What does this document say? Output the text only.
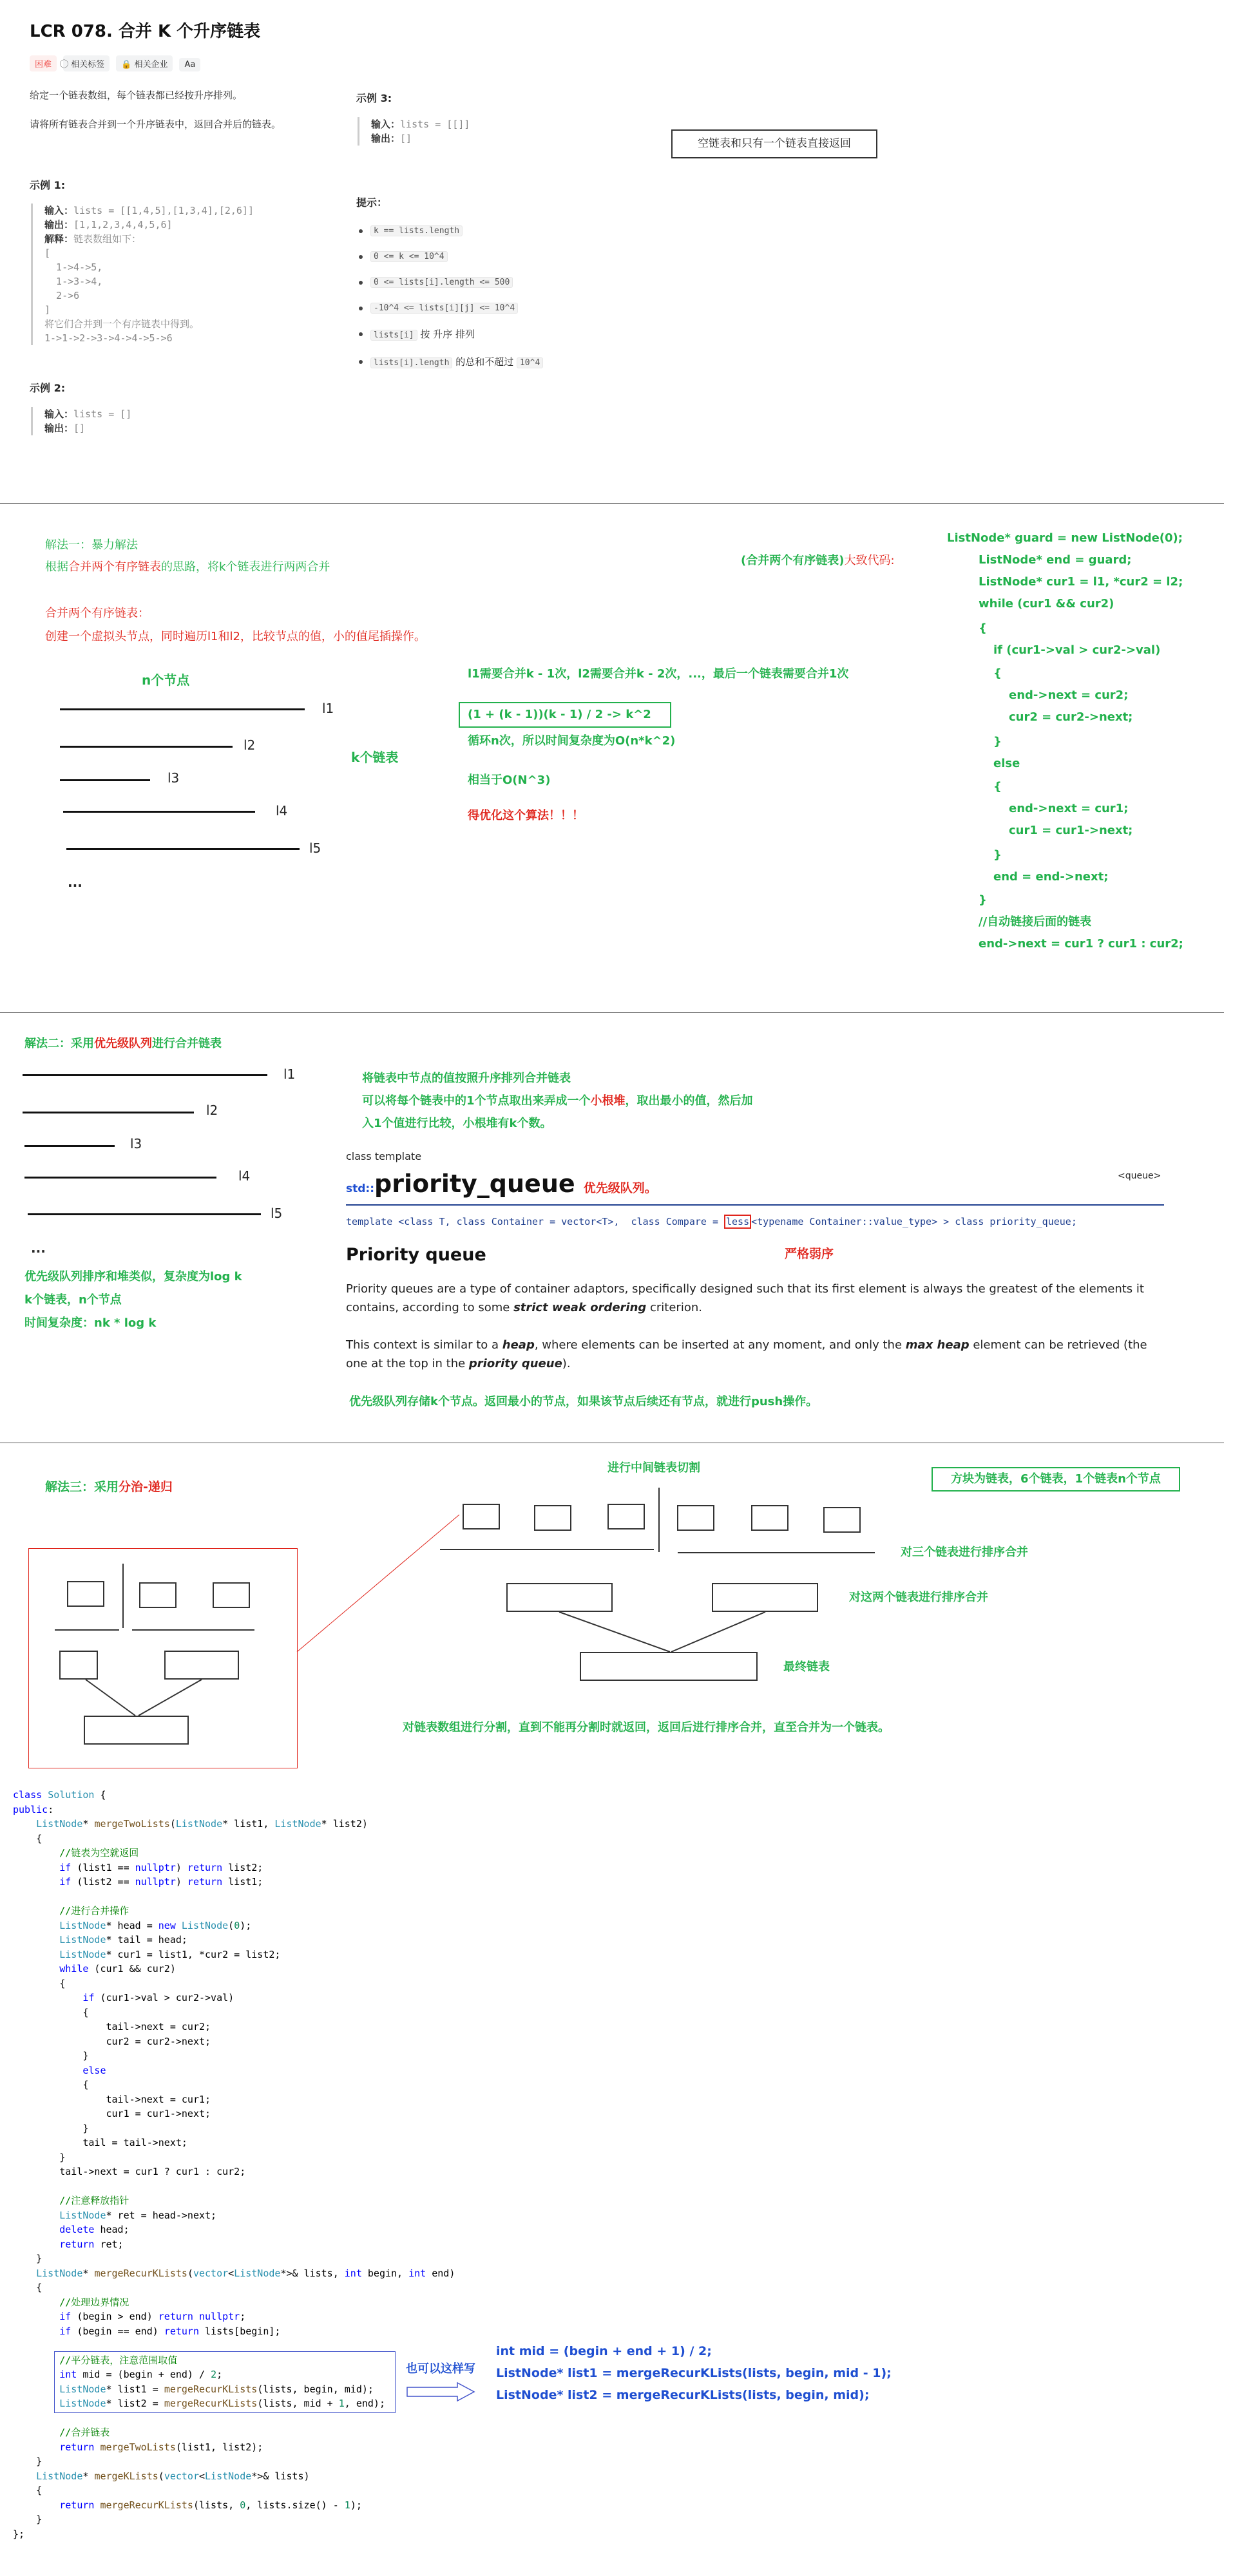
LCR 078. 合并 K 个升序链表
困难 ⃝ 相关标签 🔒 相关企业 Aa
给定一个链表数组，每个链表都已经按升序排列。
请将所有链表合并到一个升序链表中，返回合并后的链表。
示例 1:
输入：lists = [[1,4,5],[1,3,4],[2,6]]
输出：[1,1,2,3,4,4,5,6]
解释：链表数组如下：
[
1->4->5,
1->3->4,
2->6
]
将它们合并到一个有序链表中得到。
1->1->2->3->4->4->5->6
示例 2:
输入：lists = []
输出：[]
示例 3:
输入：lists = [[]]
输出：[]	空链表和只有一个链表直接返回
提示：
k == lists.length
0 <= k <= 10^4
0 <= lists[i].length <= 500
-10^4 <= lists[i][j] <= 10^4
lists[i] 按 升序 排列
lists[i].length 的总和不超过 10^4
解法一：暴力解法
根据合并两个有序链表的思路，将k个链表进行两两合并
合并两个有序链表：
创建一个虚拟头节点，同时遍历l1和l2，比较节点的值，小的值尾插操作。
n个节点
l1
l2
l3
l4
l5
...
k个链表
l1需要合并k - 1次，l2需要合并k - 2次，...，最后一个链表需要合并1次
(1 + (k - 1))(k - 1) / 2 -> k^2
循环n次，所以时间复杂度为O(n*k^2)
相当于O(N^3)
得优化这个算法！！！
(合并两个有序链表)大致代码:
ListNode* guard = new ListNode(0);
ListNode* end = guard;
ListNode* cur1 = l1, *cur2 = l2;
while (cur1 && cur2)
{
if (cur1->val > cur2->val)
{
end->next = cur2;
cur2 = cur2->next;
}
else
{
end->next = cur1;
cur1 = cur1->next;
}
end = end->next;
}
//自动链接后面的链表
end->next = cur1 ? cur1 : cur2;
解法二：采用优先级队列进行合并链表
l1
l2
l3
l4
l5
...
优先级队列排序和堆类似，复杂度为log k
k个链表，n个节点
时间复杂度：nk * log k
将链表中节点的值按照升序排列合并链表
可以将每个链表中的1个节点取出来弄成一个小根堆，取出最小的值，然后加
入1个值进行比较，小根堆有k个数。
class template
<queue>
std::priority_queue 优先级队列。
template <class T, class Container = vector<T>,  class Compare = less <typename Container::value_type> > class priority_queue;
严格弱序
Priority queue
Priority queues are a type of container adaptors, specifically designed such that its first element is always the greatest of the elements it contains, according to some strict weak ordering criterion.
This context is similar to a heap, where elements can be inserted at any moment, and only the max heap element can be retrieved (the one at the top in the priority queue).
优先级队列存储k个节点。返回最小的节点，如果该节点后续还有节点，就进行push操作。
解法三：采用分治-递归
进行中间链表切割
方块为链表，6个链表，1个链表n个节点
对三个链表进行排序合并
对这两个链表进行排序合并
最终链表
对链表数组进行分割，直到不能再分割时就返回，返回后进行排序合并，直至合并为一个链表。
class Solution {
public:
ListNode* mergeTwoLists(ListNode* list1, ListNode* list2)
{
//链表为空就返回
if (list1 == nullptr) return list2;
if (list2 == nullptr) return list1;

//进行合并操作
ListNode* head = new ListNode(0);
ListNode* tail = head;
ListNode* cur1 = list1, *cur2 = list2;
while (cur1 && cur2)
{
if (cur1->val > cur2->val)
{
tail->next = cur2;
cur2 = cur2->next;
}
else
{
tail->next = cur1;
cur1 = cur1->next;
}
tail = tail->next;
}
tail->next = cur1 ? cur1 : cur2;

//注意释放指针
ListNode* ret = head->next;
delete head;
return ret;
}
ListNode* mergeRecurKLists(vector<ListNode*>& lists, int begin, int end)
{
//处理边界情况
if (begin > end) return nullptr;
if (begin == end) return lists[begin];

//平分链表，注意范围取值
int mid = (begin + end) / 2;
ListNode* list1 = mergeRecurKLists(lists, begin, mid);
ListNode* list2 = mergeRecurKLists(lists, mid + 1, end);

//合并链表
return mergeTwoLists(list1, list2);
}
ListNode* mergeKLists(vector<ListNode*>& lists)
{
return mergeRecurKLists(lists, 0, lists.size() - 1);
}
};
也可以这样写
int mid = (begin + end + 1) / 2;
ListNode* list1 = mergeRecurKLists(lists, begin, mid - 1);
ListNode* list2 = mergeRecurKLists(lists, begin, mid);
